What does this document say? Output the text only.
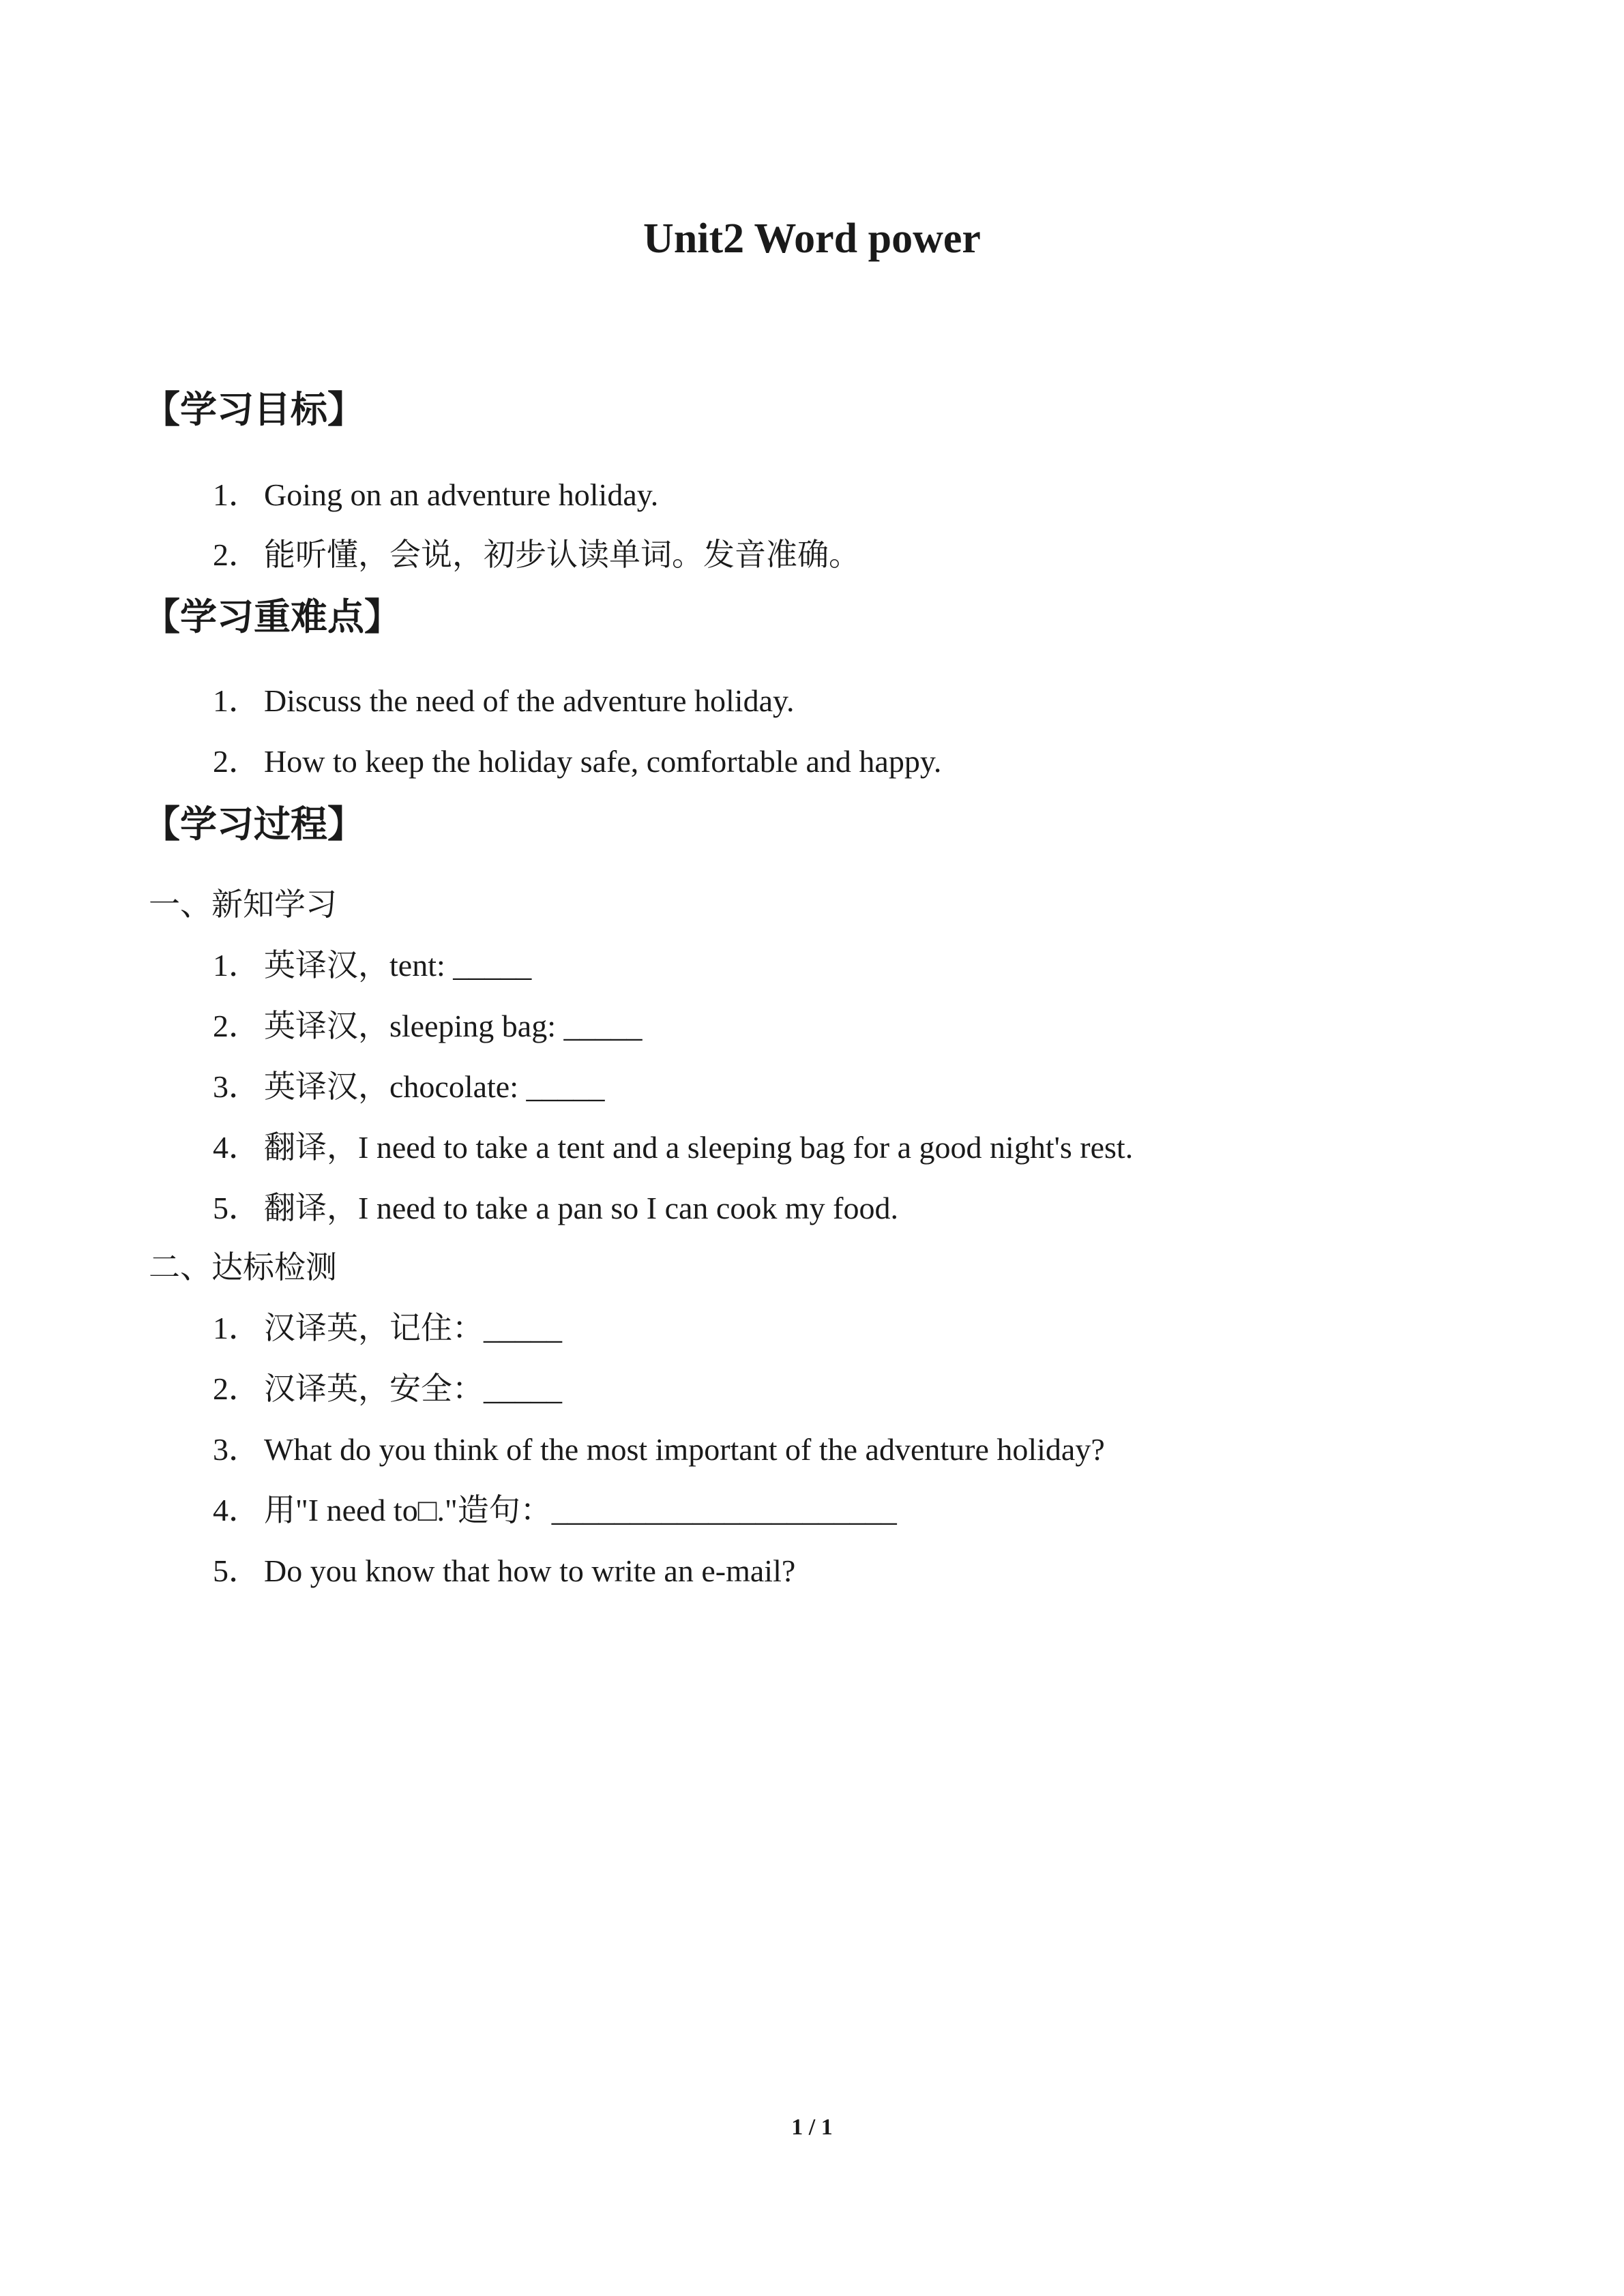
Unit2 Word power
【学习目标】
1． Going on an adventure holiday.
2． 能听懂，会说，初步认读单词。发音准确。
【学习重难点】
1． Discuss the need of the adventure holiday.
2． How to keep the holiday safe, comfortable and happy.
【学习过程】
一、新知学习
1． 英译汉，tent: _____
2． 英译汉，sleeping bag: _____
3． 英译汉，chocolate: _____
4． 翻译，I need to take a tent and a sleeping bag for a good night's rest.
5． 翻译，I need to take a pan so I can cook my food.
二、达标检测
1． 汉译英，记住：_____
2． 汉译英，安全：_____
3． What do you think of the most important of the adventure holiday?
4． 用"I need to□."造句：______________________
5． Do you know that how to write an e-mail?
1 / 1
